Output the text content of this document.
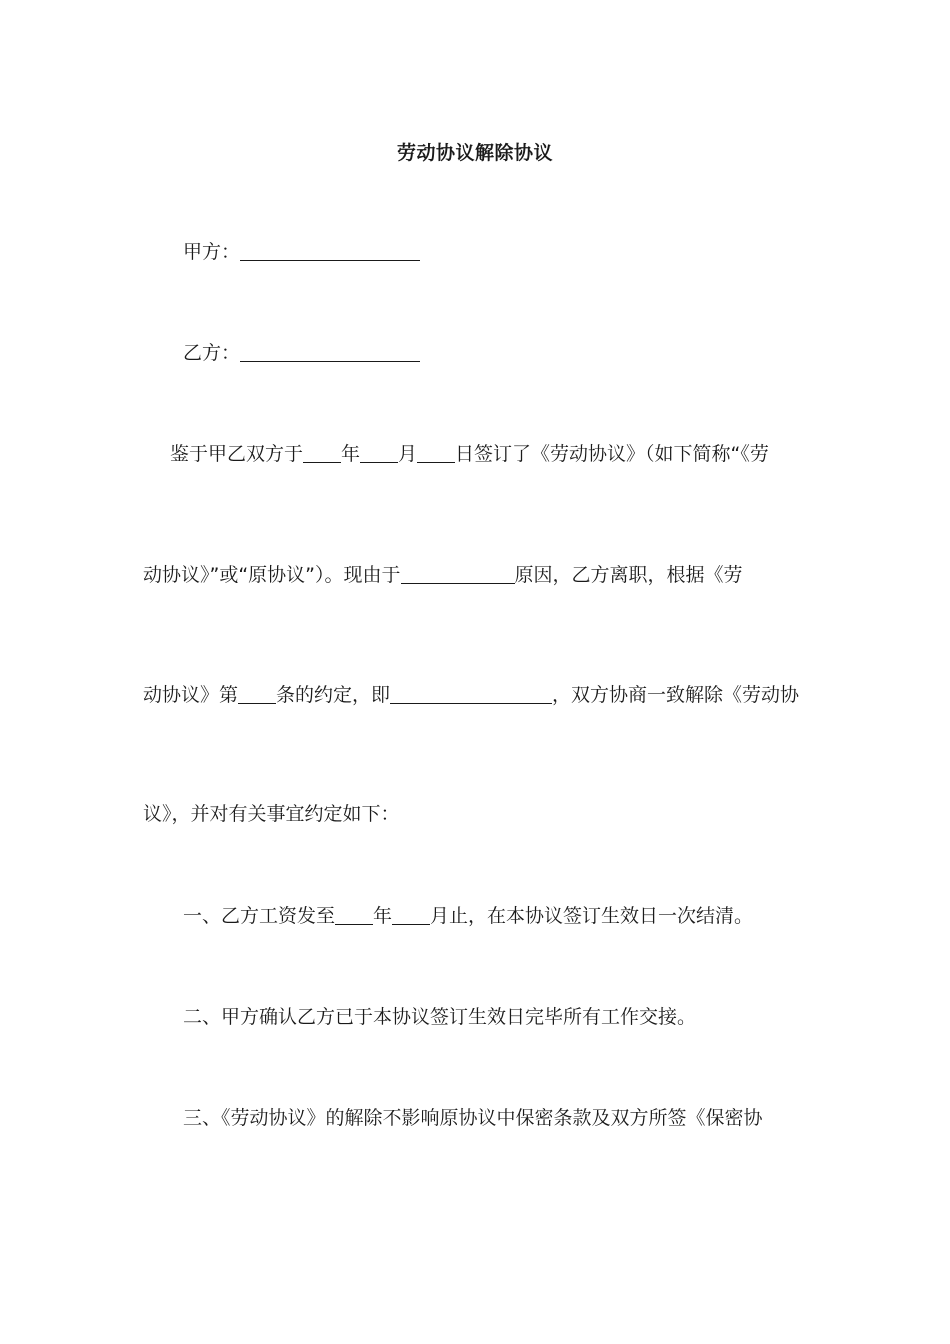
劳动协议解除协议
甲方：
乙方：
鉴于甲乙双方于 年 月 日签订了《劳动协议》（如下简称“《劳
动协议》”或“原协议”）。现由于	原因，乙方离职，根据《劳
动协议》第 条的约定，即	，双方协商一致解除《劳动协
议》，并对有关事宜约定如下：
一、乙方工资发至 年 月止，在本协议签订生效日一次结清。
二、甲方确认乙方已于本协议签订生效日完毕所有工作交接。
三、《劳动协议》的解除不影响原协议中保密条款及双方所签《保密协
